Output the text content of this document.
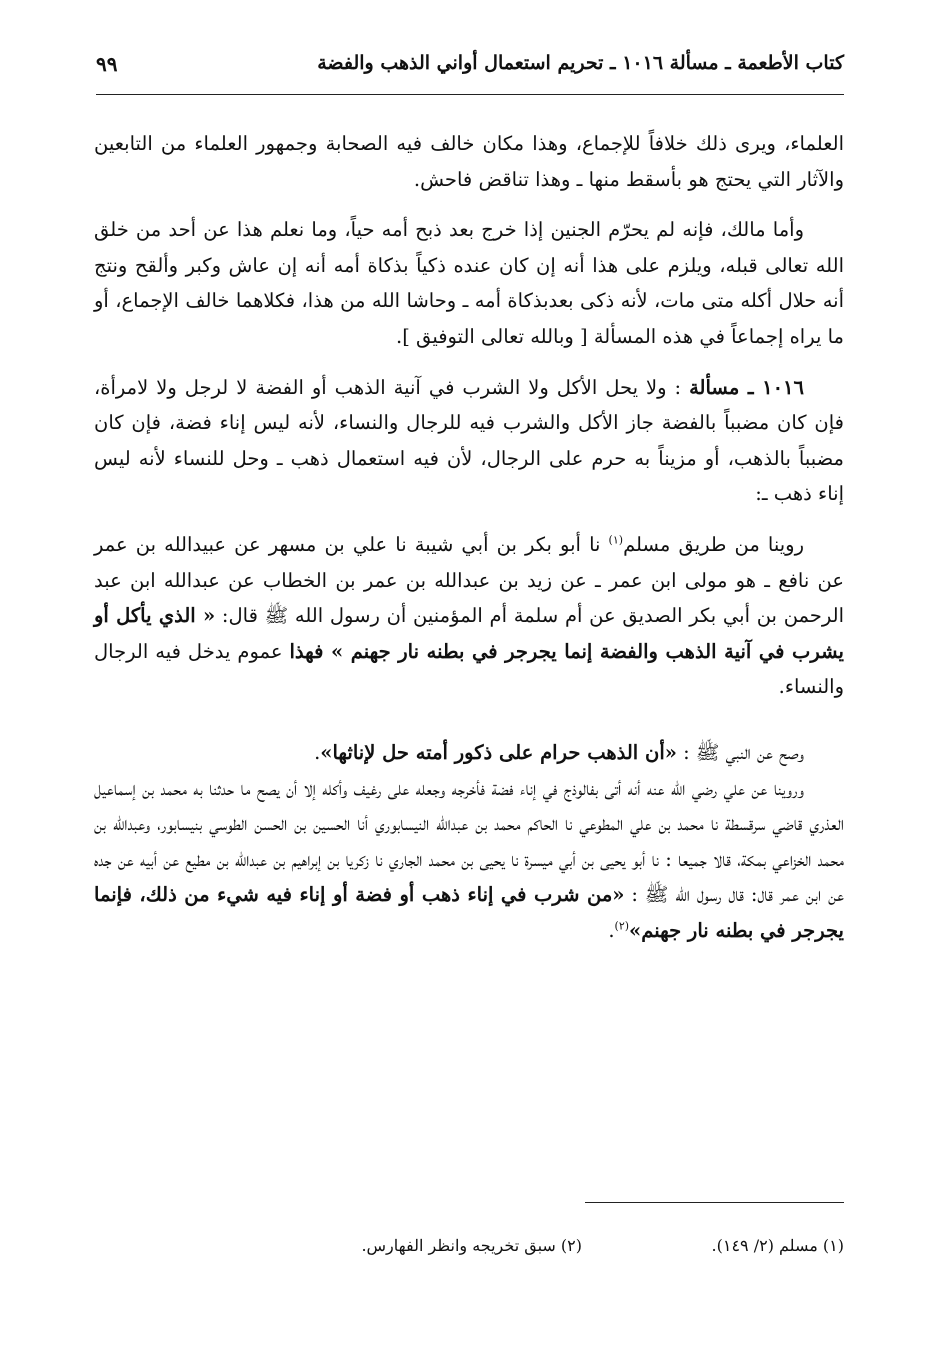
كتاب الأطعمة ـ مسألة ١٠١٦ ـ تحريم استعمال أواني الذهب والفضة
٩٩

العلماء، ويرى ذلك خلافاً للإجماع، وهذا مكان خالف فيه الصحابة وجمهور العلماء من التابعين والآثار التي يحتج هو بأسقط منها ـ وهذا تناقض فاحش.

وأما مالك، فإنه لم يحرّم الجنين إذا خرج بعد ذبح أمه حياً، وما نعلم هذا عن أحد من خلق الله تعالى قبله، ويلزم على هذا أنه إن كان عنده ذكياً بذكاة أمه أنه إن عاش وكبر وألقح ونتج أنه حلال أكله متى مات، لأنه ذكى بعدبذكاة أمه ـ وحاشا الله من هذا، فكلاهما خالف الإجماع، أو ما يراه إجماعاً في هذه المسألة [ وبالله تعالى التوفيق ].

١٠١٦ ـ مسألة : ولا يحل الأكل ولا الشرب في آنية الذهب أو الفضة لا لرجل ولا لامرأة، فإن كان مضبباً بالفضة جاز الأكل والشرب فيه للرجال والنساء، لأنه ليس إناء فضة، فإن كان مضبباً بالذهب، أو مزيناً به حرم على الرجال، لأن فيه استعمال ذهب ـ وحل للنساء لأنه ليس إناء ذهب ـ:

روينا من طريق مسلم$^{(١)}$ نا أبو بكر بن أبي شيبة نا علي بن مسهر عن عبيدالله بن عمر عن نافع ـ هو مولى ابن عمر ـ عن زيد بن عبدالله بن عمر بن الخطاب عن عبدالله ابن عبد الرحمن بن أبي بكر الصديق عن أم سلمة أم المؤمنين أن رسول الله ﷺ قال: « الذي يأكل أو يشرب في آنية الذهب والفضة إنما يجرجر في بطنه نار جهنم » فهذا عموم يدخل فيه الرجال والنساء.

وصح عن النبي ﷺ : «أن الذهب حرام على ذكور أمته حل لإناثها».

وروينا عن علي رضي الله عنه أنه أتى بفالوذج في إناء فضة فأخرجه وجعله على رغيف وأكله إلا أن يصح ما حدثنا به محمد بن إسماعيل العذري قاضي سرقسطة نا محمد بن علي المطوعي نا الحاكم محمد بن عبدالله النيسابوري أنا الحسين بن الحسن الطوسي بنيسابور، وعبدالله بن محمد الخزاعي بمكة، قالا جميعا : نا أبو يحيى بن أبي ميسرة نا يحيى بن محمد الجاري نا زكريا بن إبراهيم بن عبدالله بن مطيع عن أبيه عن جده عن ابن عمر قال: قال رسول الله ﷺ : «من شرب في إناء ذهب أو فضة أو إناء فيه شيء من ذلك، فإنما يجرجر في بطنه نار جهنم»$^{(٢)}$.

(١) مسلم (٢/ ١٤٩).
(٢) سبق تخريجه وانظر الفهارس.
